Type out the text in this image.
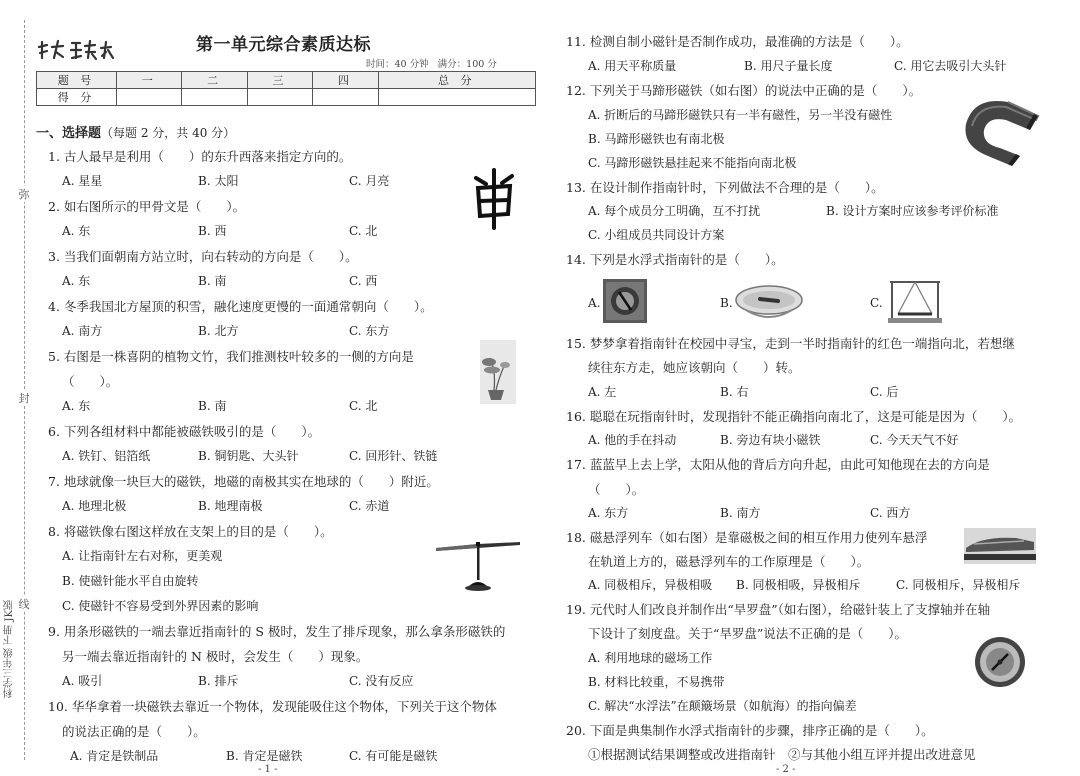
弥
封
线
科学三年级 下册 JK版
第一单元综合素质达标
时间：40 分钟 满分：100 分
题 号	一	二	三	四	总 分
得 分					
一、选择题（每题 2 分，共 40 分）
1. 古人最早是利用（　　）的东升西落来指定方向的。
A. 星星	B. 太阳	C. 月亮
2. 如右图所示的甲骨文是（　　）。
A. 东	B. 西	C. 北
3. 当我们面朝南方站立时，向右转动的方向是（　　）。
A. 东	B. 南	C. 西
4. 冬季我国北方屋顶的积雪，融化速度更慢的一面通常朝向（　　）。
A. 南方	B. 北方	C. 东方
5. 右图是一株喜阴的植物文竹，我们推测枝叶较多的一侧的方向是
（　　）。
A. 东	B. 南	C. 北
6. 下列各组材料中都能被磁铁吸引的是（　　）。
A. 铁钉、铝箔纸	B. 铜钥匙、大头针	C. 回形针、铁链
7. 地球就像一块巨大的磁铁，地磁的南极其实在地球的（　　）附近。
A. 地理北极	B. 地理南极	C. 赤道
8. 将磁铁像右图这样放在支架上的目的是（　　）。
A. 让指南针左右对称，更美观
B. 使磁针能水平自由旋转
C. 使磁针不容易受到外界因素的影响
9. 用条形磁铁的一端去靠近指南针的 S 极时，发生了排斥现象，那么拿条形磁铁的
另一端去靠近指南针的 N 极时，会发生（　　）现象。
A. 吸引	B. 排斥	C. 没有反应
10. 华华拿着一块磁铁去靠近一个物体，发现能吸住这个物体，下列关于这个物体
的说法正确的是（　　）。
A. 肯定是铁制品	B. 肯定是磁铁	C. 有可能是磁铁
- 1 -
11. 检测自制小磁针是否制作成功，最准确的方法是（　　）。
A. 用天平称质量	B. 用尺子量长度	C. 用它去吸引大头针
12. 下列关于马蹄形磁铁（如右图）的说法中正确的是（　　）。
A. 折断后的马蹄形磁铁只有一半有磁性，另一半没有磁性
B. 马蹄形磁铁也有南北极
C. 马蹄形磁铁悬挂起来不能指向南北极
13. 在设计制作指南针时，下列做法不合理的是（　　）。
A. 每个成员分工明确，互不打扰	B. 设计方案时应该参考评价标准
C. 小组成员共同设计方案
14. 下列是水浮式指南针的是（　　）。
A.	B.	C.
15. 梦梦拿着指南针在校园中寻宝，走到一半时指南针的红色一端指向北，若想继
续往东方走，她应该朝向（　　）转。
A. 左	B. 右	C. 后
16. 聪聪在玩指南针时，发现指针不能正确指向南北了，这是可能是因为（　　）。
A. 他的手在抖动	B. 旁边有块小磁铁	C. 今天天气不好
17. 蓝蓝早上去上学，太阳从他的背后方向升起，由此可知他现在去的方向是
（　　）。
A. 东方	B. 南方	C. 西方
18. 磁悬浮列车（如右图）是靠磁极之间的相互作用力使列车悬浮
在轨道上方的，磁悬浮列车的工作原理是（　　）。
A. 同极相斥，异极相吸 B. 同极相吸，异极相斥	C. 同极相斥，异极相斥
19. 元代时人们改良并制作出“旱罗盘”（如右图），给磁针装上了支撑轴并在轴
下设计了刻度盘。关于“旱罗盘”说法不正确的是（　　）。
A. 利用地球的磁场工作
B. 材料比较重，不易携带
C. 解决“水浮法”在颠簸场景（如航海）的指向偏差
20. 下面是典集制作水浮式指南针的步骤，排序正确的是（　　）。
①根据测试结果调整或改进指南针　②与其他小组互评并提出改进意见
- 2 -
